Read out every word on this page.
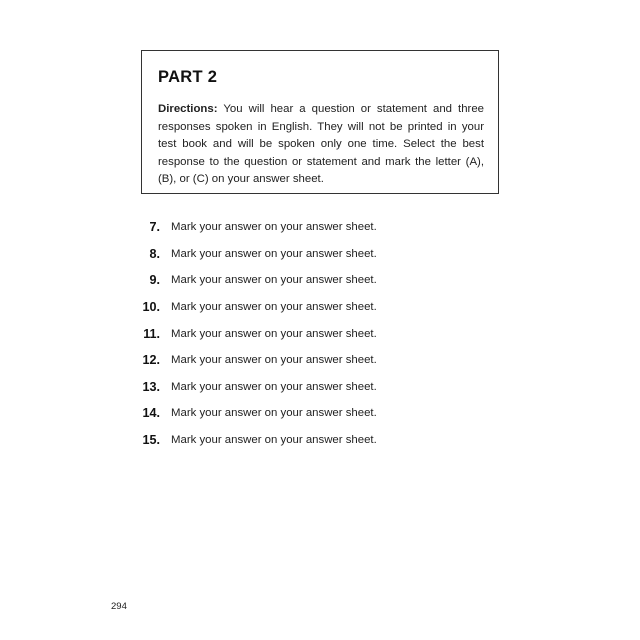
PART 2

Directions: You will hear a question or statement and three responses spoken in English. They will not be printed in your test book and will be spoken only one time. Select the best response to the question or statement and mark the letter (A), (B), or (C) on your answer sheet.

7. Mark your answer on your answer sheet.
8. Mark your answer on your answer sheet.
9. Mark your answer on your answer sheet.
10. Mark your answer on your answer sheet.
11. Mark your answer on your answer sheet.
12. Mark your answer on your answer sheet.
13. Mark your answer on your answer sheet.
14. Mark your answer on your answer sheet.
15. Mark your answer on your answer sheet.
294
